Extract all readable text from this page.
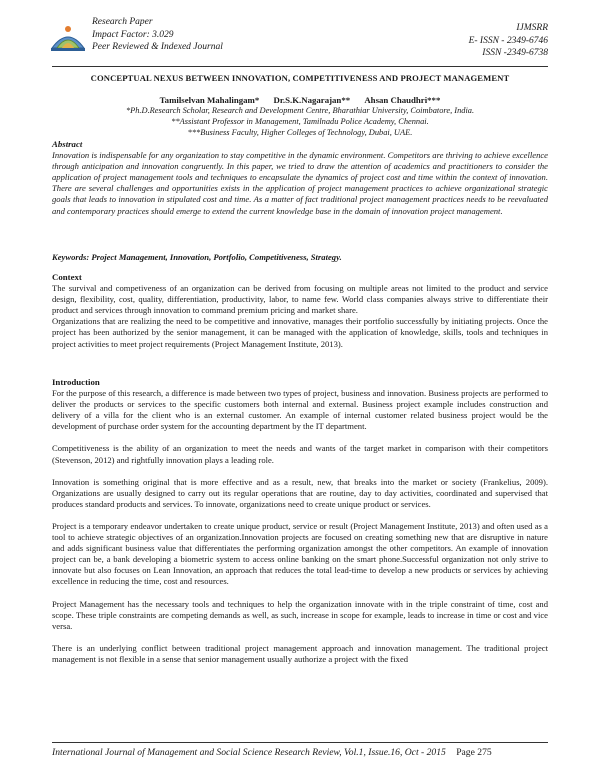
Research Paper
Impact Factor: 3.029
Peer Reviewed & Indexed Journal
IJMSRR
E- ISSN - 2349-6746
ISSN -2349-6738
CONCEPTUAL NEXUS BETWEEN INNOVATION, COMPETITIVENESS AND PROJECT MANAGEMENT
Tamilselvan Mahalingam* Dr.S.K.Nagarajan** Ahsan Chaudhri***
*Ph.D.Research Scholar, Research and Development Centre, Bharathiar University, Coimbatore, India.
**Assistant Professor in Management, Tamilnadu Police Academy, Chennai.
***Business Faculty, Higher Colleges of Technology, Dubai, UAE.
Abstract

Innovation is indispensable for any organization to stay competitive in the dynamic environment. Competitors are thriving to achieve excellence through anticipation and innovation congruently. In this paper, we tried to draw the attention of academics and practitioners to consider the application of project management tools and techniques to encapsulate the dynamics of project cost and time within the context of innovation. There are several challenges and opportunities exists in the application of project management practices to achieve organizational strategic goals that leads to innovation in stipulated cost and time. As a matter of fact traditional project management practices needs to be reevaluated and contemporary practices should emerge to extend the current knowledge base in the domain of innovation project management.

Keywords: Project Management, Innovation, Portfolio, Competitiveness, Strategy.
Context

The survival and competiveness of an organization can be derived from focusing on multiple areas not limited to the product and service design, flexibility, cost, quality, differentiation, productivity, labor, to name few. World class companies always strive to differentiate their product and services through innovation to command premium pricing and market share.

Organizations that are realizing the need to be competitive and innovative, manages their portfolio successfully by initiating projects. Once the project has been authorized by the senior management, it can be managed with the application of knowledge, skills, tools and techniques in project activities to meet project requirements (Project Management Institute, 2013).

Introduction

For the purpose of this research, a difference is made between two types of project, business and innovation. Business projects are performed to deliver the products or services to the specific customers both internal and external. Business project example includes construction and delivery of a villa for the client who is an external customer. An example of internal customer related business project would be the development of purchase order system for the accounting department by the IT department.

Competitiveness is the ability of an organization to meet the needs and wants of the target market in comparison with their competitors (Stevenson, 2012) and rightfully innovation plays a leading role.

Innovation is something original that is more effective and as a result, new, that breaks into the market or society (Frankelius, 2009). Organizations are usually designed to carry out its regular operations that are routine, day to day activities, coordinated and supervised that produces standard products and services. To innovate, organizations need to create unique product or services.

Project is a temporary endeavor undertaken to create unique product, service or result (Project Management Institute, 2013) and often used as a tool to achieve strategic objectives of an organization.Innovation projects are focused on creating something new that are disruptive in nature and adds significant business value that differentiates the performing organization amongst the other competitors. An example of innovation project can be, a bank developing a biometric system to access online banking on the smart phone.Successful organization not only strive to innovate but also focuses on Lean Innovation, an approach that reduces the total lead-time to develop a new products or services by achieving excellence in reducing the time, cost and resources.

Project Management has the necessary tools and techniques to help the organization innovate with in the triple constraint of time, cost and scope. These triple constraints are competing demands as well, as such, increase in scope for example, leads to increase in time or cost and vice versa.

There is an underlying conflict between traditional project management approach and innovation management. The traditional project management is not flexible in a sense that senior management usually authorize a project with the fixed

International Journal of Management and Social Science Research Review, Vol.1, Issue.16, Oct - 2015 Page 275
